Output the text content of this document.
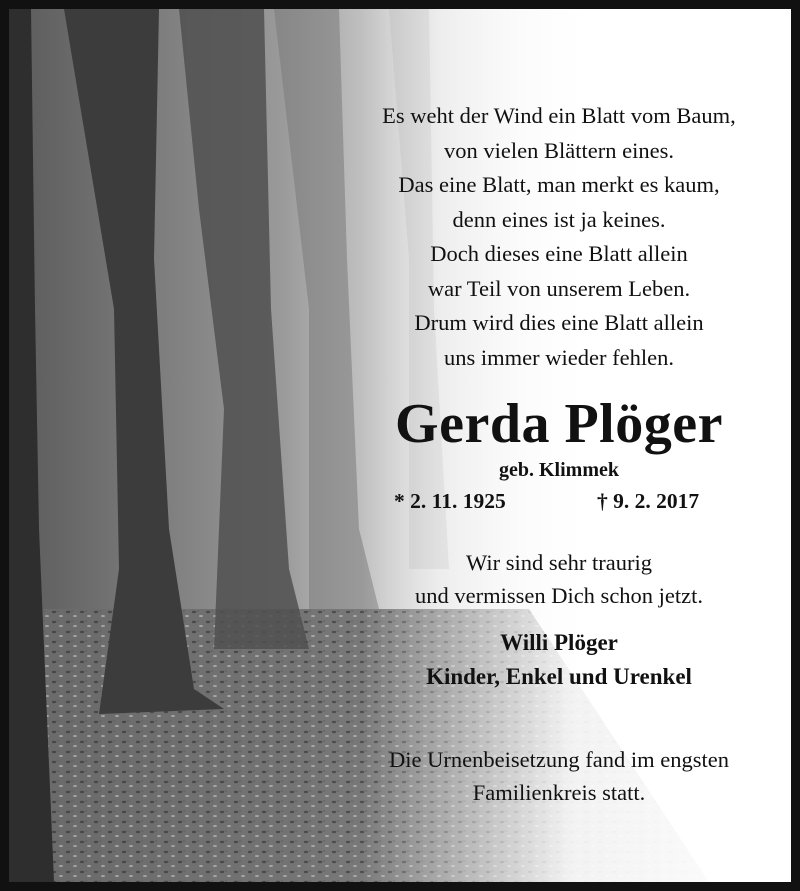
Es weht der Wind ein Blatt vom Baum,
von vielen Blättern eines.
Das eine Blatt, man merkt es kaum,
denn eines ist ja keines.
Doch dieses eine Blatt allein
war Teil von unserem Leben.
Drum wird dies eine Blatt allein
uns immer wieder fehlen.
Gerda Plöger
geb. Klimmek
* 2. 11. 1925	† 9. 2. 2017
Wir sind sehr traurig
und vermissen Dich schon jetzt.
Willi Plöger
Kinder, Enkel und Urenkel
Die Urnenbeisetzung fand im engsten
Familienkreis statt.
